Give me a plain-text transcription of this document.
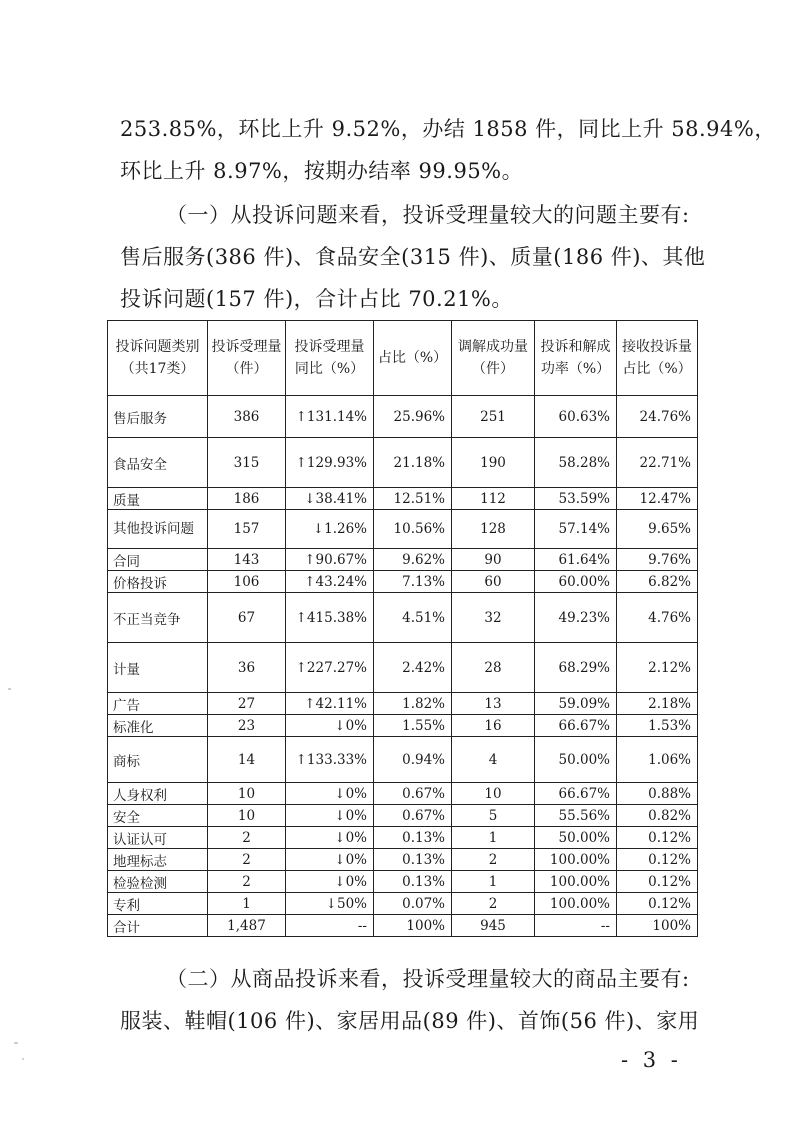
253.85%，环比上升 9.52%，办结 1858 件，同比上升 58.94%，
环比上升 8.97%，按期办结率 99.95%。
（一）从投诉问题来看，投诉受理量较大的问题主要有:
售后服务(386 件)、食品安全(315 件)、质量(186 件)、其他
投诉问题(157 件)，合计占比 70.21%。
投诉问题类别（共17类）	投诉受理量（件）	投诉受理量同比（%）	占比（%）	调解成功量（件）	投诉和解成功率（%）	接收投诉量占比（%）
售后服务	386	↑131.14%	25.96%	251	60.63%	24.76%
食品安全	315	↑129.93%	21.18%	190	58.28%	22.71%
质量	186	↓38.41%	12.51%	112	53.59%	12.47%
其他投诉问题	157	↓1.26%	10.56%	128	57.14%	9.65%
合同	143	↑90.67%	9.62%	90	61.64%	9.76%
价格投诉	106	↑43.24%	7.13%	60	60.00%	6.82%
不正当竞争	67	↑415.38%	4.51%	32	49.23%	4.76%
计量	36	↑227.27%	2.42%	28	68.29%	2.12%
广告	27	↑42.11%	1.82%	13	59.09%	2.18%
标准化	23	↓0%	1.55%	16	66.67%	1.53%
商标	14	↑133.33%	0.94%	4	50.00%	1.06%
人身权利	10	↓0%	0.67%	10	66.67%	0.88%
安全	10	↓0%	0.67%	5	55.56%	0.82%
认证认可	2	↓0%	0.13%	1	50.00%	0.12%
地理标志	2	↓0%	0.13%	2	100.00%	0.12%
检验检测	2	↓0%	0.13%	1	100.00%	0.12%
专利	1	↓50%	0.07%	2	100.00%	0.12%
合计	1,487	--	100%	945	--	100%
（二）从商品投诉来看，投诉受理量较大的商品主要有:
服装、鞋帽(106 件)、家居用品(89 件)、首饰(56 件)、家用
- 3 -
